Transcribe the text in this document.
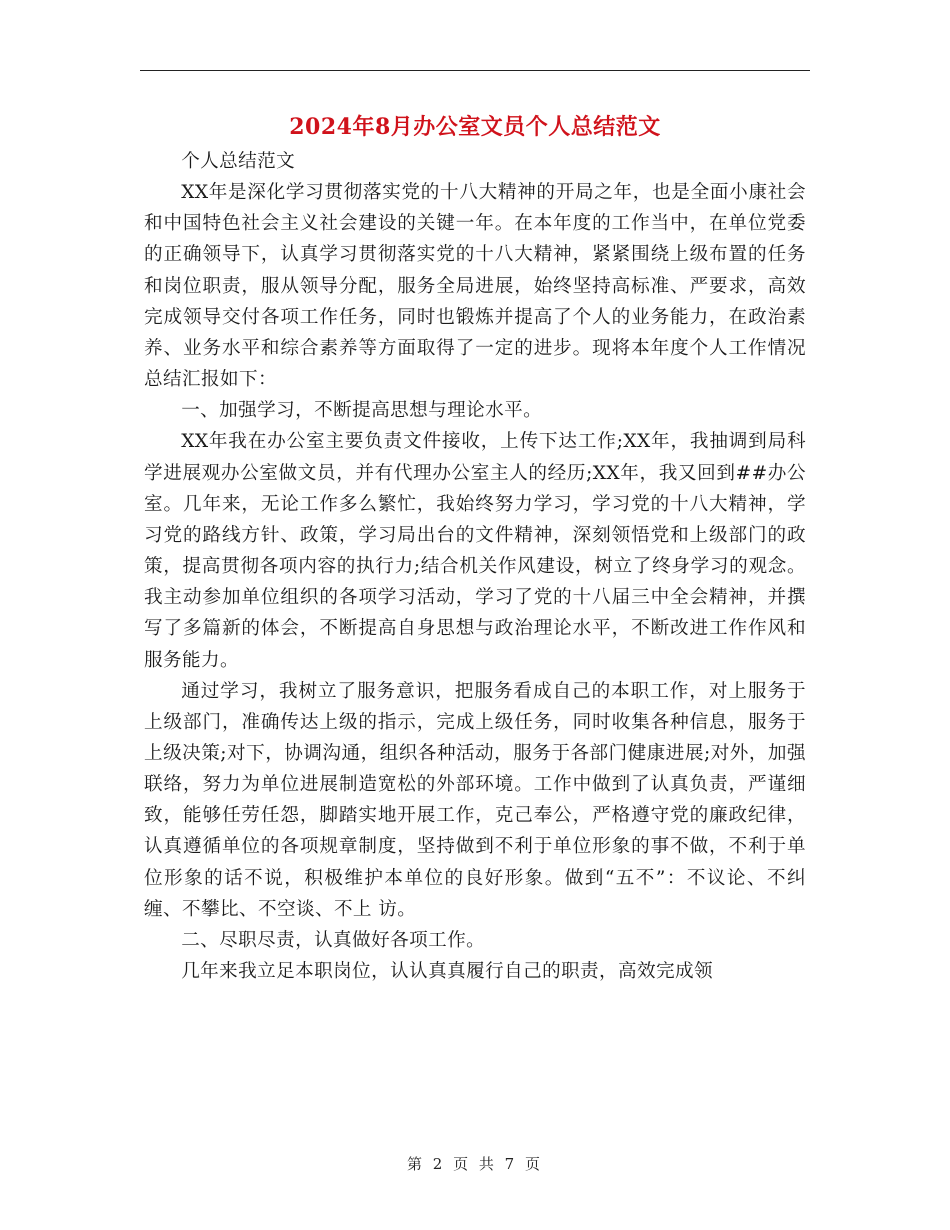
2024年8月办公室文员个人总结范文

个人总结范文

XX年是深化学习贯彻落实党的十八大精神的开局之年，也是全面小康社会和中国特色社会主义社会建设的关键一年。在本年度的工作当中，在单位党委的正确领导下，认真学习贯彻落实党的十八大精神，紧紧围绕上级布置的任务和岗位职责，服从领导分配，服务全局进展，始终坚持高标准、严要求，高效完成领导交付各项工作任务，同时也锻炼并提高了个人的业务能力，在政治素养、业务水平和综合素养等方面取得了一定的进步。现将本年度个人工作情况总结汇报如下：

一、加强学习，不断提高思想与理论水平。

XX年我在办公室主要负责文件接收，上传下达工作;XX年，我抽调到局科学进展观办公室做文员，并有代理办公室主人的经历;XX年，我又回到##办公室。几年来，无论工作多么繁忙，我始终努力学习，学习党的十八大精神，学习党的路线方针、政策，学习局出台的文件精神，深刻领悟党和上级部门的政策，提高贯彻各项内容的执行力;结合机关作风建设，树立了终身学习的观念。我主动参加单位组织的各项学习活动，学习了党的十八届三中全会精神，并撰写了多篇新的体会，不断提高自身思想与政治理论水平，不断改进工作作风和服务能力。

通过学习，我树立了服务意识，把服务看成自己的本职工作，对上服务于上级部门，准确传达上级的指示，完成上级任务，同时收集各种信息，服务于上级决策;对下，协调沟通，组织各种活动，服务于各部门健康进展;对外，加强联络，努力为单位进展制造宽松的外部环境。工作中做到了认真负责，严谨细致，能够任劳任怨，脚踏实地开展工作，克己奉公，严格遵守党的廉政纪律，认真遵循单位的各项规章制度，坚持做到不利于单位形象的事不做，不利于单位形象的话不说，积极维护本单位的良好形象。做到“五不”：不议论、不纠缠、不攀比、不空谈、不上 访。

二、尽职尽责，认真做好各项工作。

几年来我立足本职岗位，认认真真履行自己的职责，高效完成领

第 2 页 共 7 页
